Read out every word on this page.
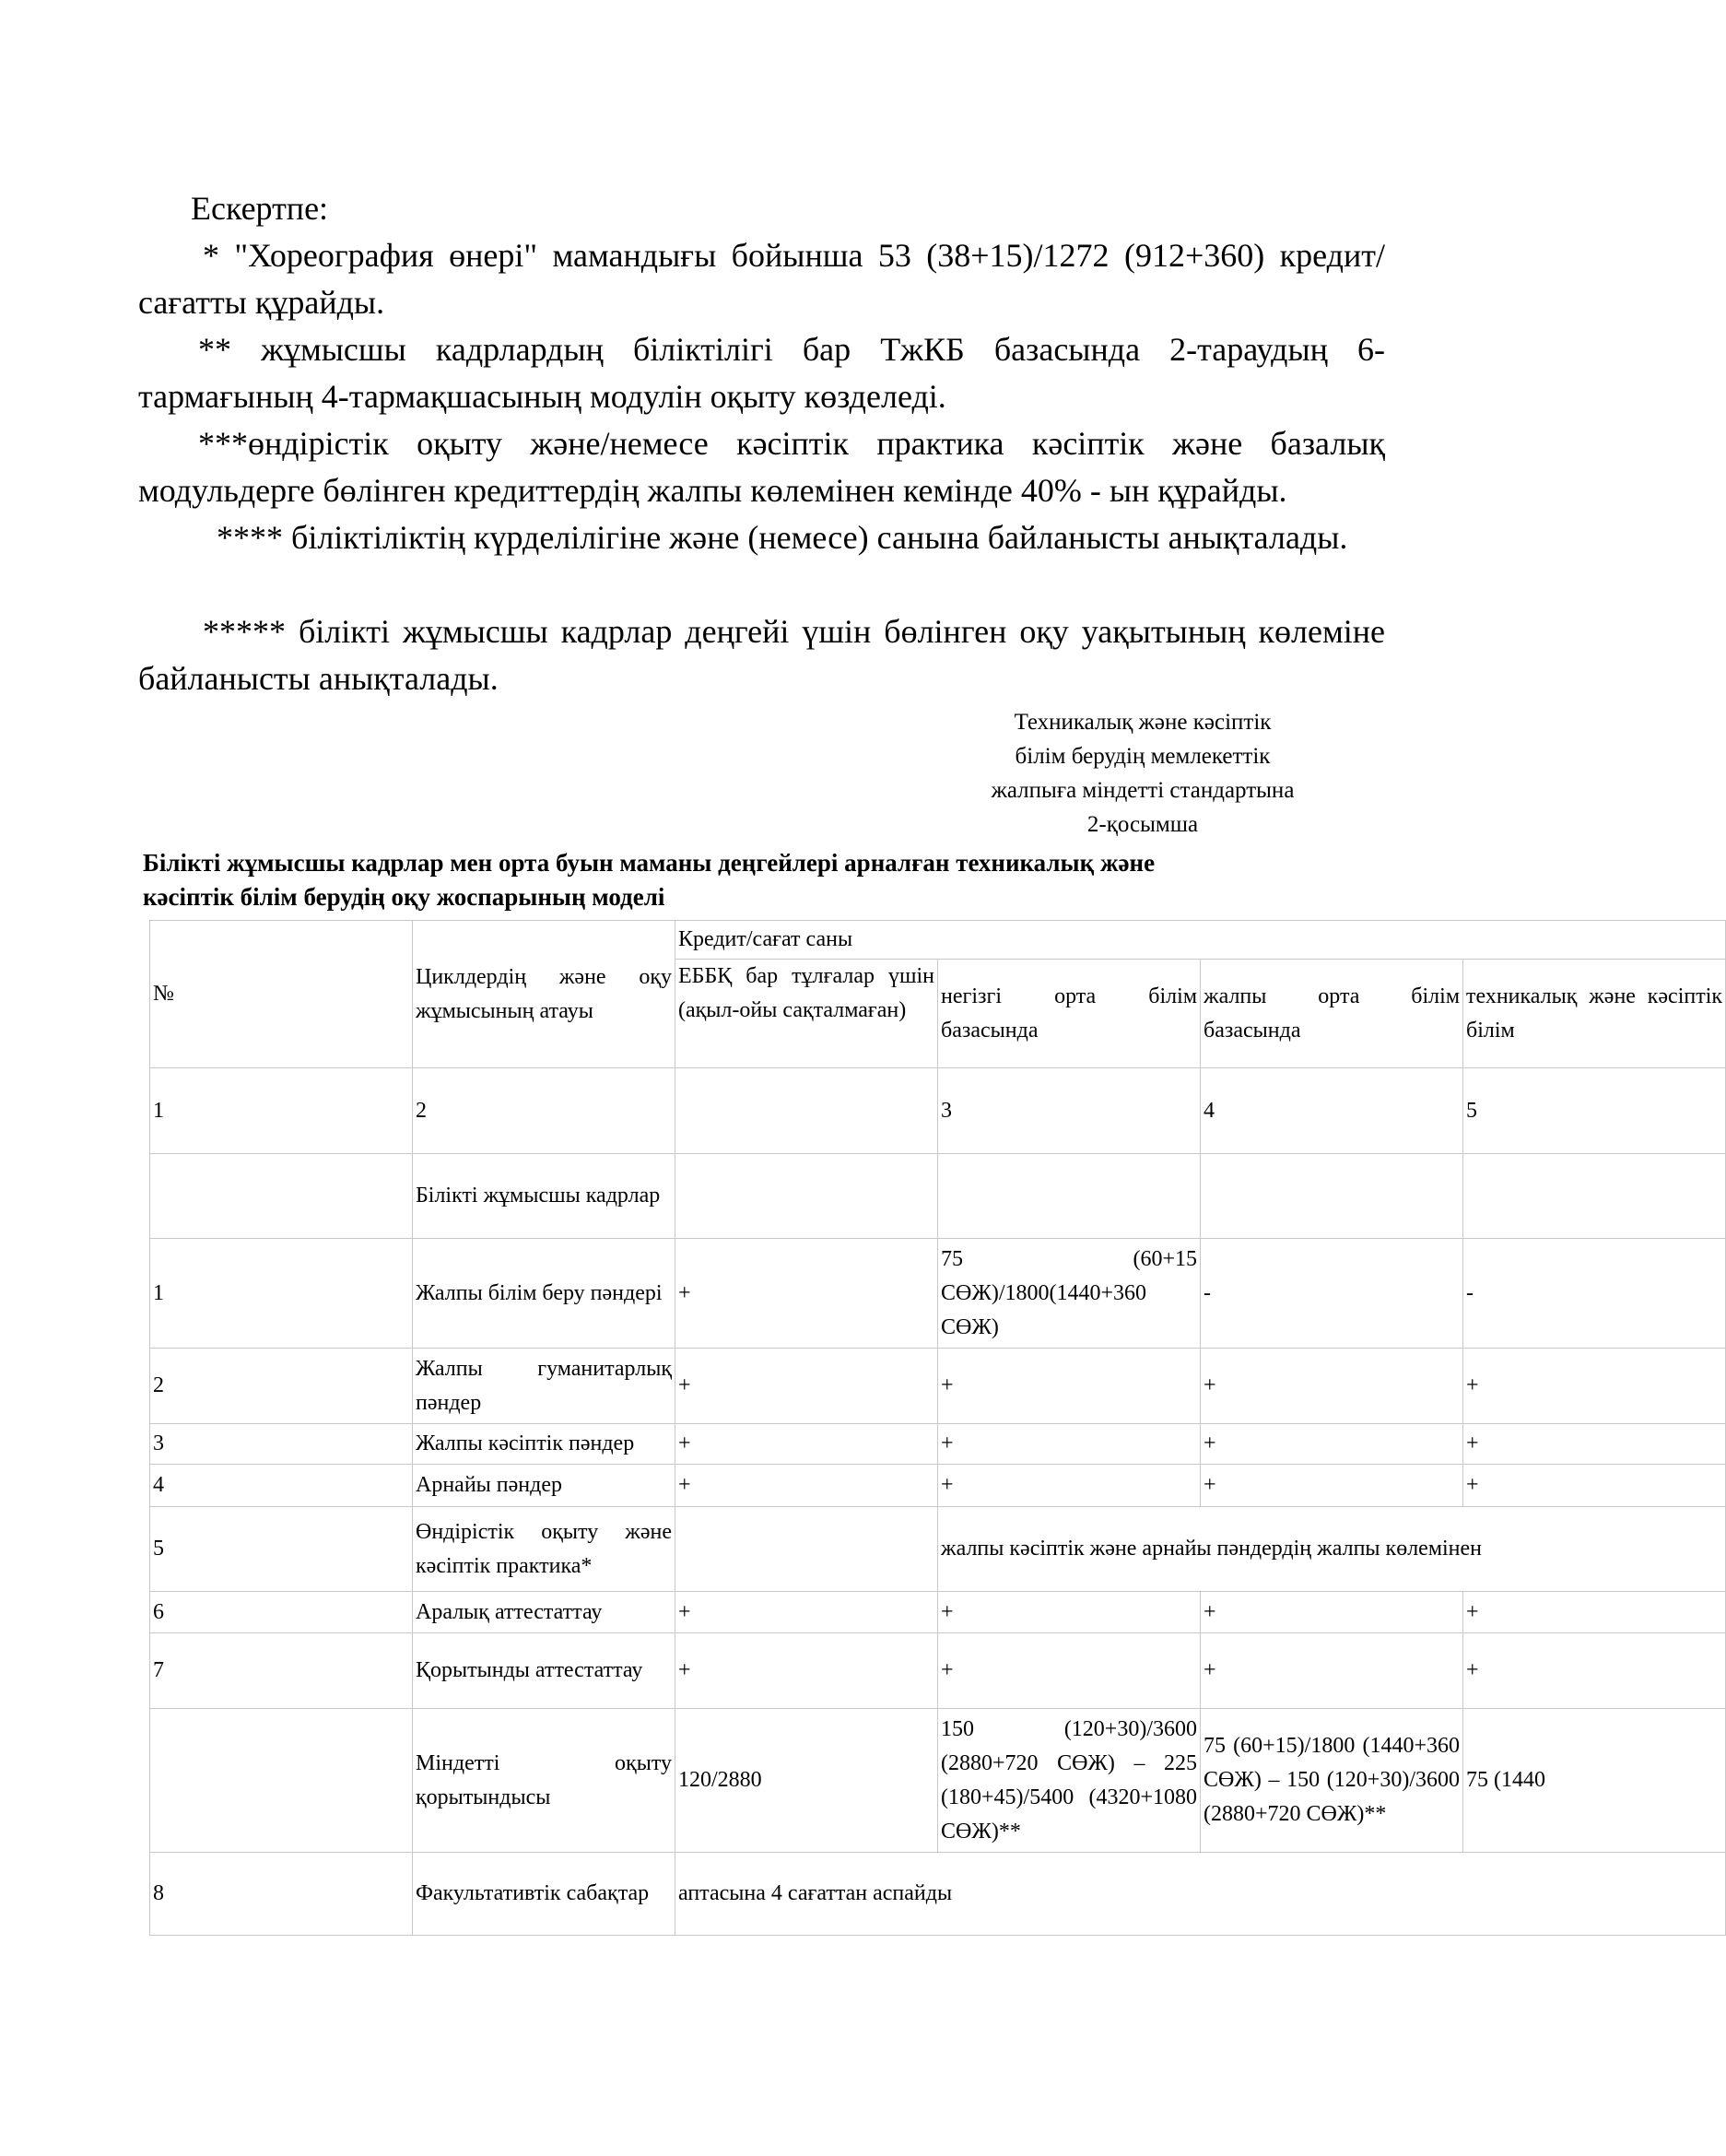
Ескертпе:
* "Хореография өнері" мамандығы бойынша 53 (38+15)/1272 (912+360) кредит/сағатты құрайды.
** жұмысшы кадрлардың біліктілігі бар ТжКБ базасында 2-тараудың 6-тармағының 4-тармақшасының модулін оқыту көзделеді.
***өндірістік оқыту және/немесе кәсіптік практика кәсіптік және базалық модульдерге бөлінген кредиттердің жалпы көлемінен кемінде 40% - ын құрайды.
**** біліктіліктің күрделілігіне және (немесе) санына байланысты анықталады.
***** білікті жұмысшы кадрлар деңгейі үшін бөлінген оқу уақытының көлеміне байланысты анықталады.
Техникалық және кәсіптік
білім берудің мемлекеттік
жалпыға міндетті стандартына
2-қосымша
Білікті жұмысшы кадрлар мен орта буын маманы деңгейлері арналған техникалық және
кәсіптік білім берудің оқу жоспарының моделі
№	Циклдердің және оқу жұмысының атауы	Кредит/сағат саны			
		ЕББҚ бар тұлғалар үшін (ақыл-ойы сақталмаған)	негізгі орта білім базасында	жалпы орта білім базасында	техникалық және кәсіптік білім
1	2		3	4	5
	Білікті жұмысшы кадрлар				
1	Жалпы білім беру пәндері	+	75 (60+15 СӨЖ)/1800(1440+360 СӨЖ)	-	-
2	Жалпы гуманитарлық пәндер	+	+	+	+
3	Жалпы кәсіптік пәндер	+	+	+	+
4	Арнайы пәндер	+	+	+	+
5	Өндірістік оқыту және кәсіптік практика*		жалпы кәсіптік және арнайы пәндердің жалпы көлемінен		
6	Аралық аттестаттау	+	+	+	+
7	Қорытынды аттестаттау	+	+	+	+
	Міндетті оқыту қорытындысы	120/2880	150 (120+30)/3600 (2880+720 СӨЖ) – 225 (180+45)/5400 (4320+1080 СӨЖ)**	75 (60+15)/1800 (1440+360 СӨЖ) – 150 (120+30)/3600 (2880+720 СӨЖ)**	75 (1440
8	Факультативтік сабақтар	аптасына 4 сағаттан аспайды			
